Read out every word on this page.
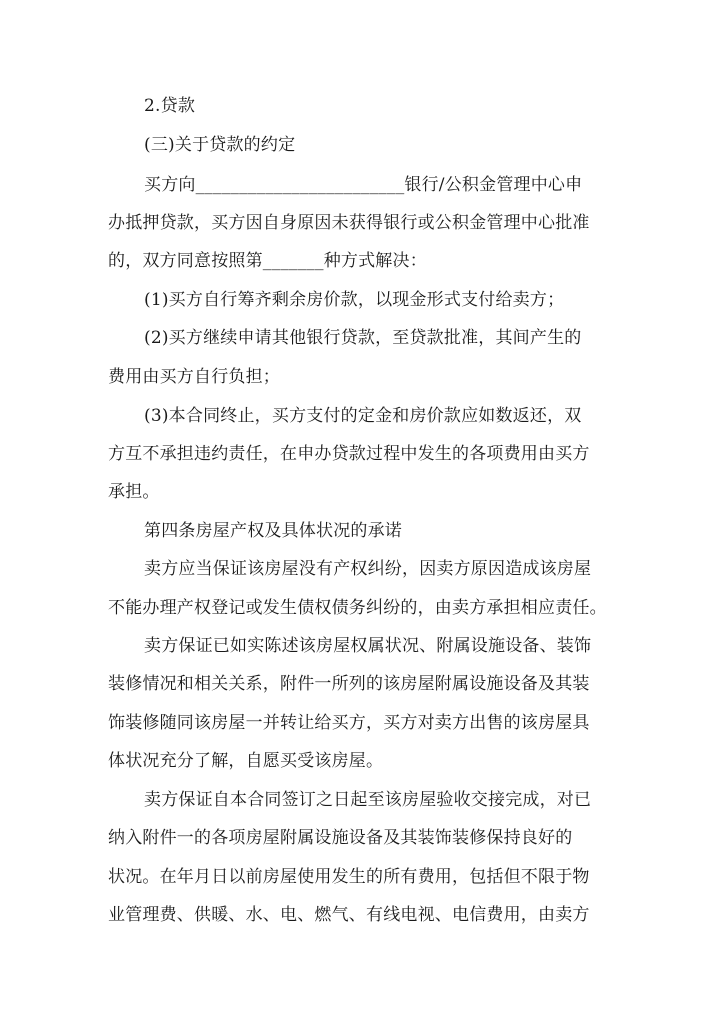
2.贷款
(三)关于贷款的约定
买方向________________________银行/公积金管理中心申
办抵押贷款，买方因自身原因未获得银行或公积金管理中心批准
的，双方同意按照第_______种方式解决：
(1)买方自行筹齐剩余房价款，以现金形式支付给卖方；
(2)买方继续申请其他银行贷款，至贷款批准，其间产生的
费用由买方自行负担；
(3)本合同终止，买方支付的定金和房价款应如数返还，双
方互不承担违约责任，在申办贷款过程中发生的各项费用由买方
承担。
第四条房屋产权及具体状况的承诺
卖方应当保证该房屋没有产权纠纷，因卖方原因造成该房屋
不能办理产权登记或发生债权债务纠纷的，由卖方承担相应责任。
卖方保证已如实陈述该房屋权属状况、附属设施设备、装饰
装修情况和相关关系，附件一所列的该房屋附属设施设备及其装
饰装修随同该房屋一并转让给买方，买方对卖方出售的该房屋具
体状况充分了解，自愿买受该房屋。
卖方保证自本合同签订之日起至该房屋验收交接完成，对已
纳入附件一的各项房屋附属设施设备及其装饰装修保持良好的
状况。在年月日以前房屋使用发生的所有费用，包括但不限于物
业管理费、供暖、水、电、燃气、有线电视、电信费用，由卖方
